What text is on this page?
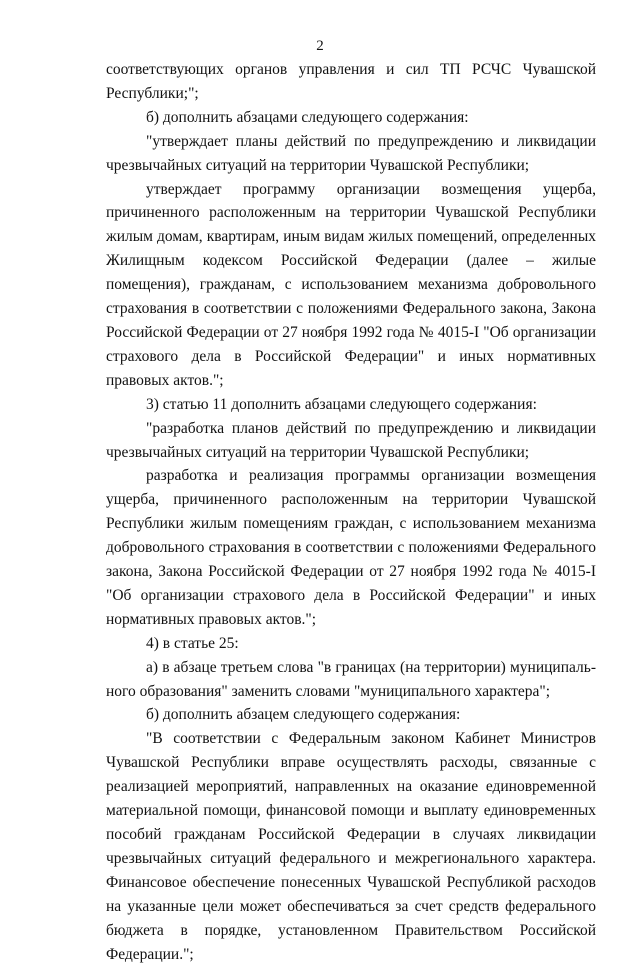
2

соответствующих органов управления и сил ТП РСЧС Чувашской Республики;";

б) дополнить абзацами следующего содержания:

"утверждает планы действий по предупреждению и ликвидации чрезвычайных ситуаций на территории Чувашской Республики;

утверждает программу организации возмещения ущерба, причиненного расположенным на территории Чувашской Республики жилым домам, квартирам, иным видам жилых помещений, определенных Жилищным кодексом Российской Федерации (далее – жилые помещения), гражданам, с использованием механизма добровольного страхования в соответствии с положениями Федерального закона, Закона Российской Федерации от 27 ноября 1992 года № 4015-I "Об организации страхового дела в Российской Федерации" и иных нормативных правовых актов.";

3) статью 11 дополнить абзацами следующего содержания:

"разработка планов действий по предупреждению и ликвидации чрезвычайных ситуаций на территории Чувашской Республики;

разработка и реализация программы организации возмещения ущерба, причиненного расположенным на территории Чувашской Республики жилым помещениям граждан, с использованием механизма добровольного страхования в соответствии с положениями Федерального закона, Закона Российской Федерации от 27 ноября 1992 года № 4015-I "Об организации страхового дела в Российской Федерации" и иных нормативных правовых актов.";

4) в статье 25:

а) в абзаце третьем слова "в границах (на территории) муниципального образования" заменить словами "муниципального характера";

б) дополнить абзацем следующего содержания:

"В соответствии с Федеральным законом Кабинет Министров Чувашской Республики вправе осуществлять расходы, связанные с реализацией мероприятий, направленных на оказание единовременной материальной помощи, финансовой помощи и выплату единовременных пособий гражданам Российской Федерации в случаях ликвидации чрезвычайных ситуаций федерального и межрегионального характера. Финансовое обеспечение понесенных Чувашской Республикой расходов на указанные цели может обеспечиваться за счет средств федерального бюджета в порядке, установленном Правительством Российской Федерации.";
